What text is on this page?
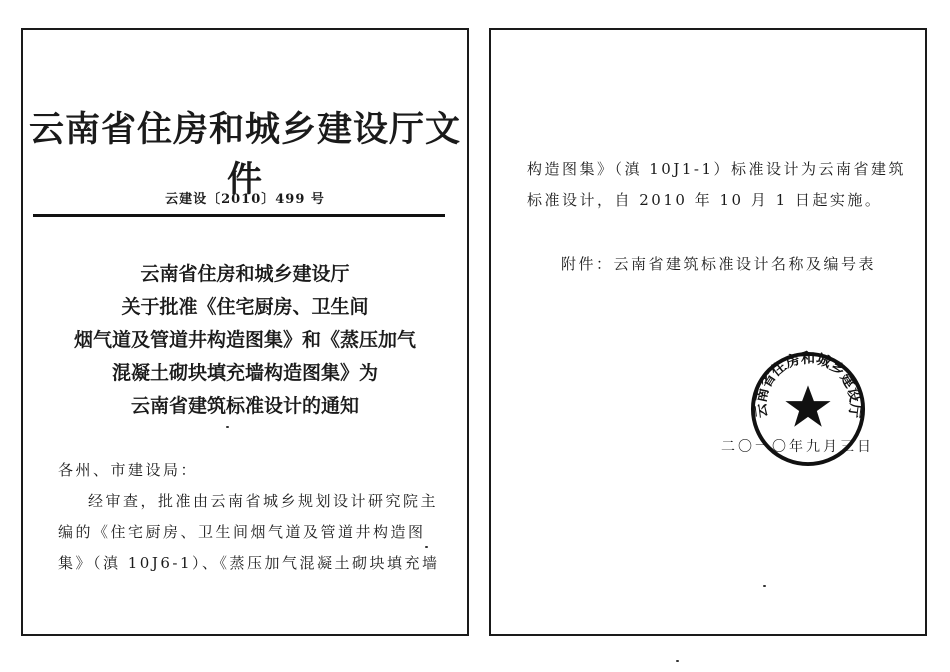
云南省住房和城乡建设厅文件
云建设〔2010〕499 号
云南省住房和城乡建设厅
关于批准《住宅厨房、卫生间
烟气道及管道井构造图集》和《蒸压加气
混凝土砌块填充墙构造图集》为
云南省建筑标准设计的通知
各州、市建设局：
经审查，批准由云南省城乡规划设计研究院主
编的《住宅厨房、卫生间烟气道及管道井构造图
集》（滇 10J6-1）、《蒸压加气混凝土砌块填充墙
构造图集》（滇 10J1-1）标准设计为云南省建筑
标准设计，自 2010 年 10 月 1 日起实施。
附件：云南省建筑标准设计名称及编号表
二〇一〇年九月三日
云南省住房和城乡建设厅
